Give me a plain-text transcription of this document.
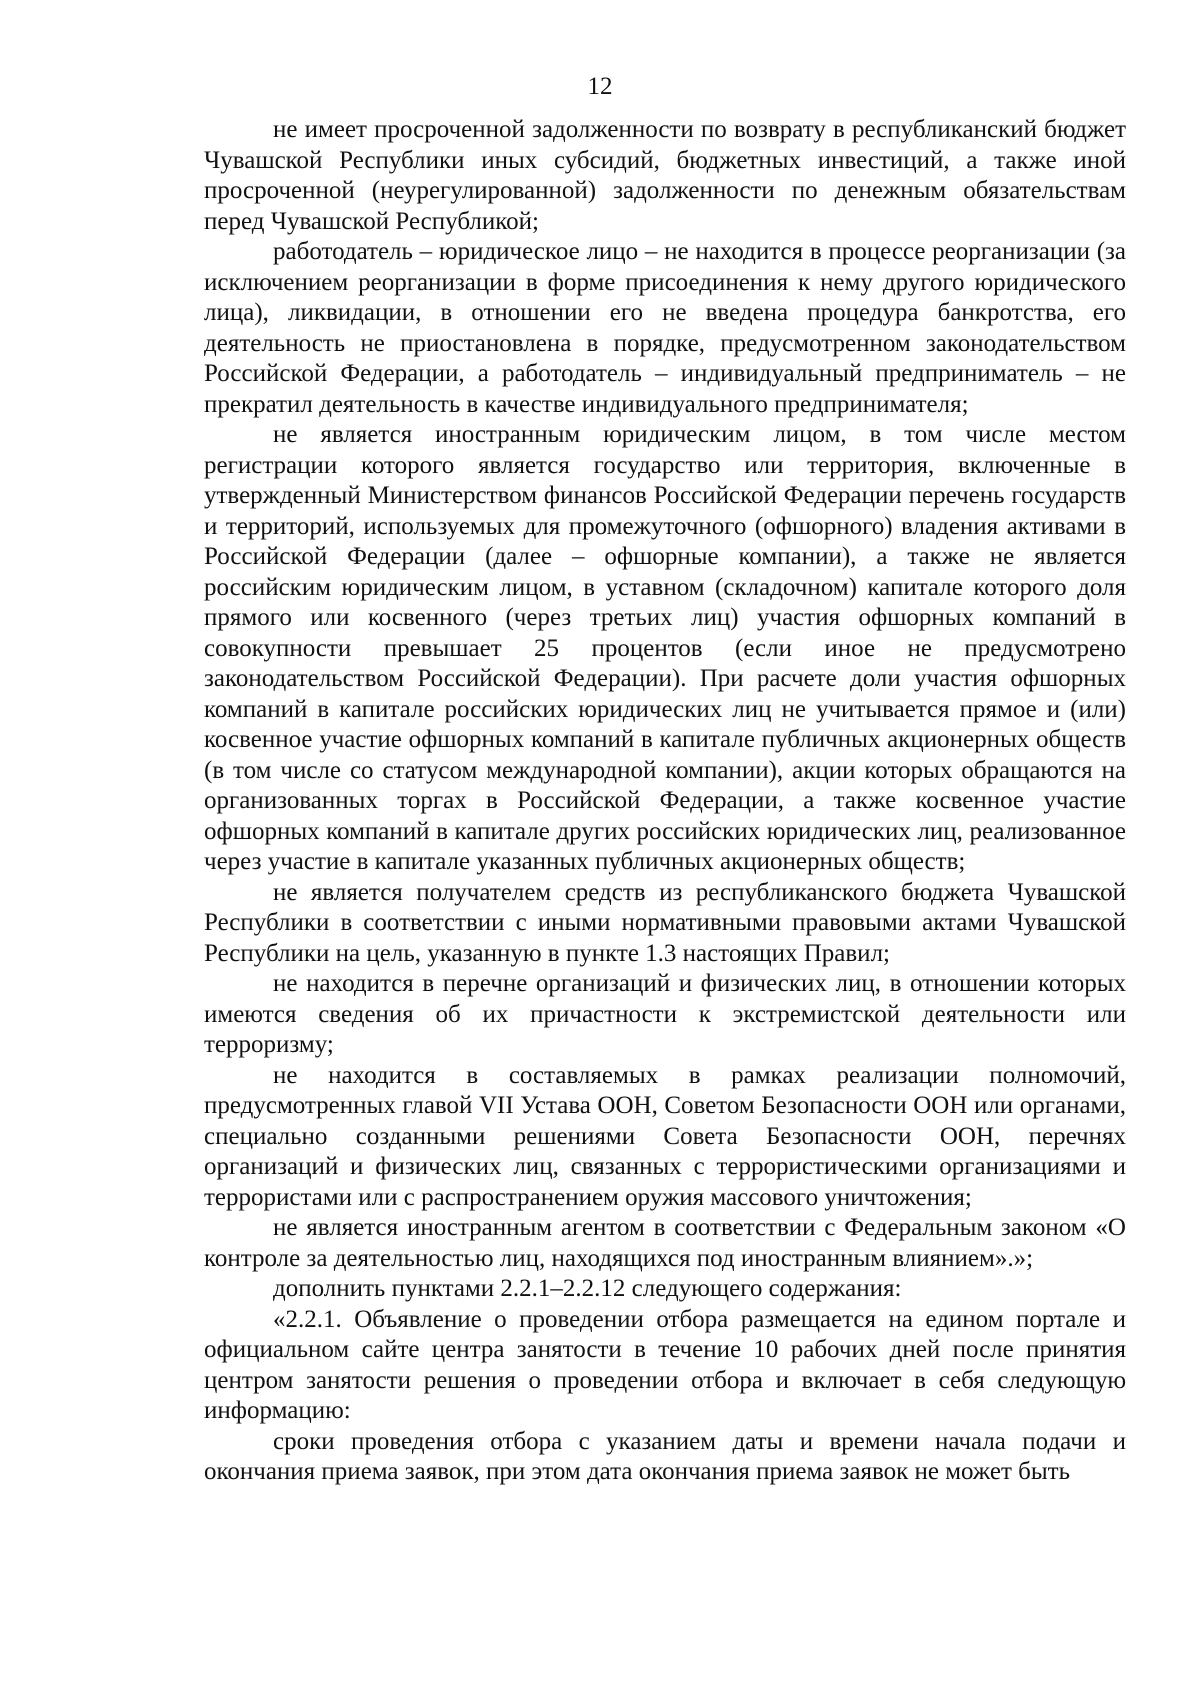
12

не имеет просроченной задолженности по возврату в республиканский бюджет Чувашской Республики иных субсидий, бюджетных инвестиций, а также иной просроченной (неурегулированной) задолженности по денежным обязательствам перед Чувашской Республикой;

работодатель – юридическое лицо – не находится в процессе реорганизации (за исключением реорганизации в форме присоединения к нему другого юридического лица), ликвидации, в отношении его не введена процедура банкротства, его деятельность не приостановлена в порядке, предусмотренном законодательством Российской Федерации, а работодатель – индивидуальный предприниматель – не прекратил деятельность в качестве индивидуального предпринимателя;

не является иностранным юридическим лицом, в том числе местом регистрации которого является государство или территория, включенные в утвержденный Министерством финансов Российской Федерации перечень государств и территорий, используемых для промежуточного (офшорного) владения активами в Российской Федерации (далее – офшорные компании), а также не является российским юридическим лицом, в уставном (складочном) капитале которого доля прямого или косвенного (через третьих лиц) участия офшорных компаний в совокупности превышает 25 процентов (если иное не предусмотрено законодательством Российской Федерации). При расчете доли участия офшорных компаний в капитале российских юридических лиц не учитывается прямое и (или) косвенное участие офшорных компаний в капитале публичных акционерных обществ (в том числе со статусом международной компании), акции которых обращаются на организованных торгах в Российской Федерации, а также косвенное участие офшорных компаний в капитале других российских юридических лиц, реализованное через участие в капитале указанных публичных акционерных обществ;

не является получателем средств из республиканского бюджета Чувашской Республики в соответствии с иными нормативными правовыми актами Чувашской Республики на цель, указанную в пункте 1.3 настоящих Правил;

не находится в перечне организаций и физических лиц, в отношении которых имеются сведения об их причастности к экстремистской деятельности или терроризму;

не находится в составляемых в рамках реализации полномочий, предусмотренных главой VII Устава ООН, Советом Безопасности ООН или органами, специально созданными решениями Совета Безопасности ООН, перечнях организаций и физических лиц, связанных с террористическими организациями и террористами или с распространением оружия массового уничтожения;

не является иностранным агентом в соответствии с Федеральным законом «О контроле за деятельностью лиц, находящихся под иностранным влиянием».»;

дополнить пунктами 2.2.1–2.2.12 следующего содержания:

«2.2.1. Объявление о проведении отбора размещается на едином портале и официальном сайте центра занятости в течение 10 рабочих дней после принятия центром занятости решения о проведении отбора и включает в себя следующую информацию:

сроки проведения отбора с указанием даты и времени начала подачи и окончания приема заявок, при этом дата окончания приема заявок не может быть
